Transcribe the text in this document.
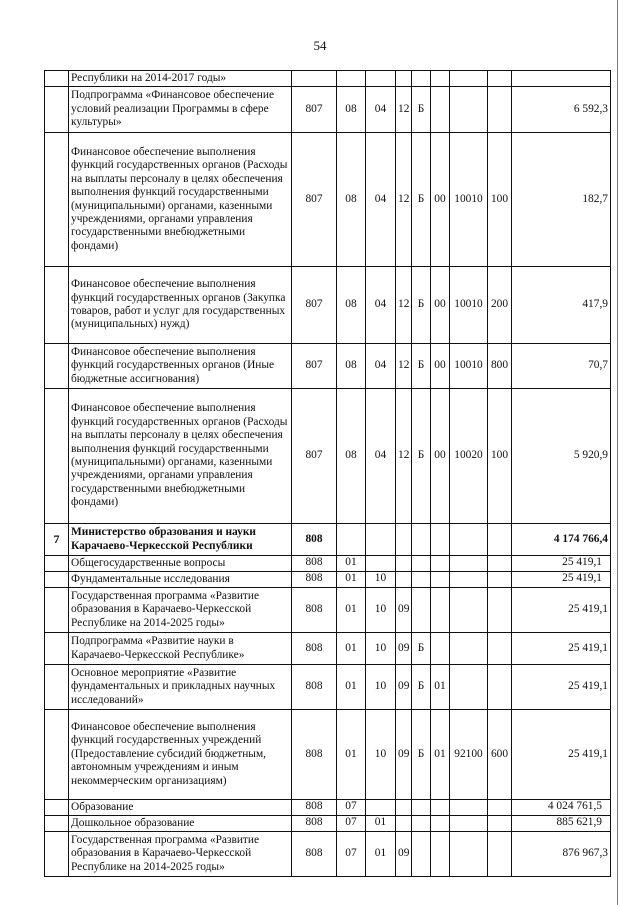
54
	Республики на 2014-2017 годы»									
	Подпрограмма «Финансовое обеспечение условий реализации Программы в сфере культуры»	807	08	04	12	Б				6 592,3
	Финансовое обеспечение выполнения функций государственных органов (Расходы на выплаты персоналу в целях обеспечения выполнения функций государственными (муниципальными) органами, казенными учреждениями, органами управления государственными внебюджетными фондами)	807	08	04	12	Б	00	10010	100	182,7
	Финансовое обеспечение выполнения функций государственных органов (Закупка товаров, работ и услуг для государственных (муниципальных) нужд)	807	08	04	12	Б	00	10010	200	417,9
	Финансовое обеспечение выполнения функций государственных органов (Иные бюджетные ассигнования)	807	08	04	12	Б	00	10010	800	70,7
	Финансовое обеспечение выполнения функций государственных органов (Расходы на выплаты персоналу в целях обеспечения выполнения функций государственными (муниципальными) органами, казенными учреждениями, органами управления государственными внебюджетными фондами)	807	08	04	12	Б	00	10020	100	5 920,9
7	Министерство образования и науки Карачаево-Черкесской Республики	808								4 174 766,4
	Общегосударственные вопросы	808	01							25 419,1
	Фундаментальные исследования	808	01	10						25 419,1
	Государственная программа «Развитие образования в Карачаево-Черкесской Республике на 2014-2025 годы»	808	01	10	09					25 419,1
	Подпрограмма «Развитие науки в Карачаево-Черкесской Республике»	808	01	10	09	Б				25 419,1
	Основное мероприятие «Развитие фундаментальных и прикладных научных исследований»	808	01	10	09	Б	01			25 419,1
	Финансовое обеспечение выполнения функций государственных учреждений (Предоставление субсидий бюджетным, автономным учреждениям и иным некоммерческим организациям)	808	01	10	09	Б	01	92100	600	25 419,1
	Образование	808	07							4 024 761,5
	Дошкольное образование	808	07	01						885 621,9
	Государственная программа «Развитие образования в Карачаево-Черкесской Республике на 2014-2025 годы»	808	07	01	09					876 967,3
